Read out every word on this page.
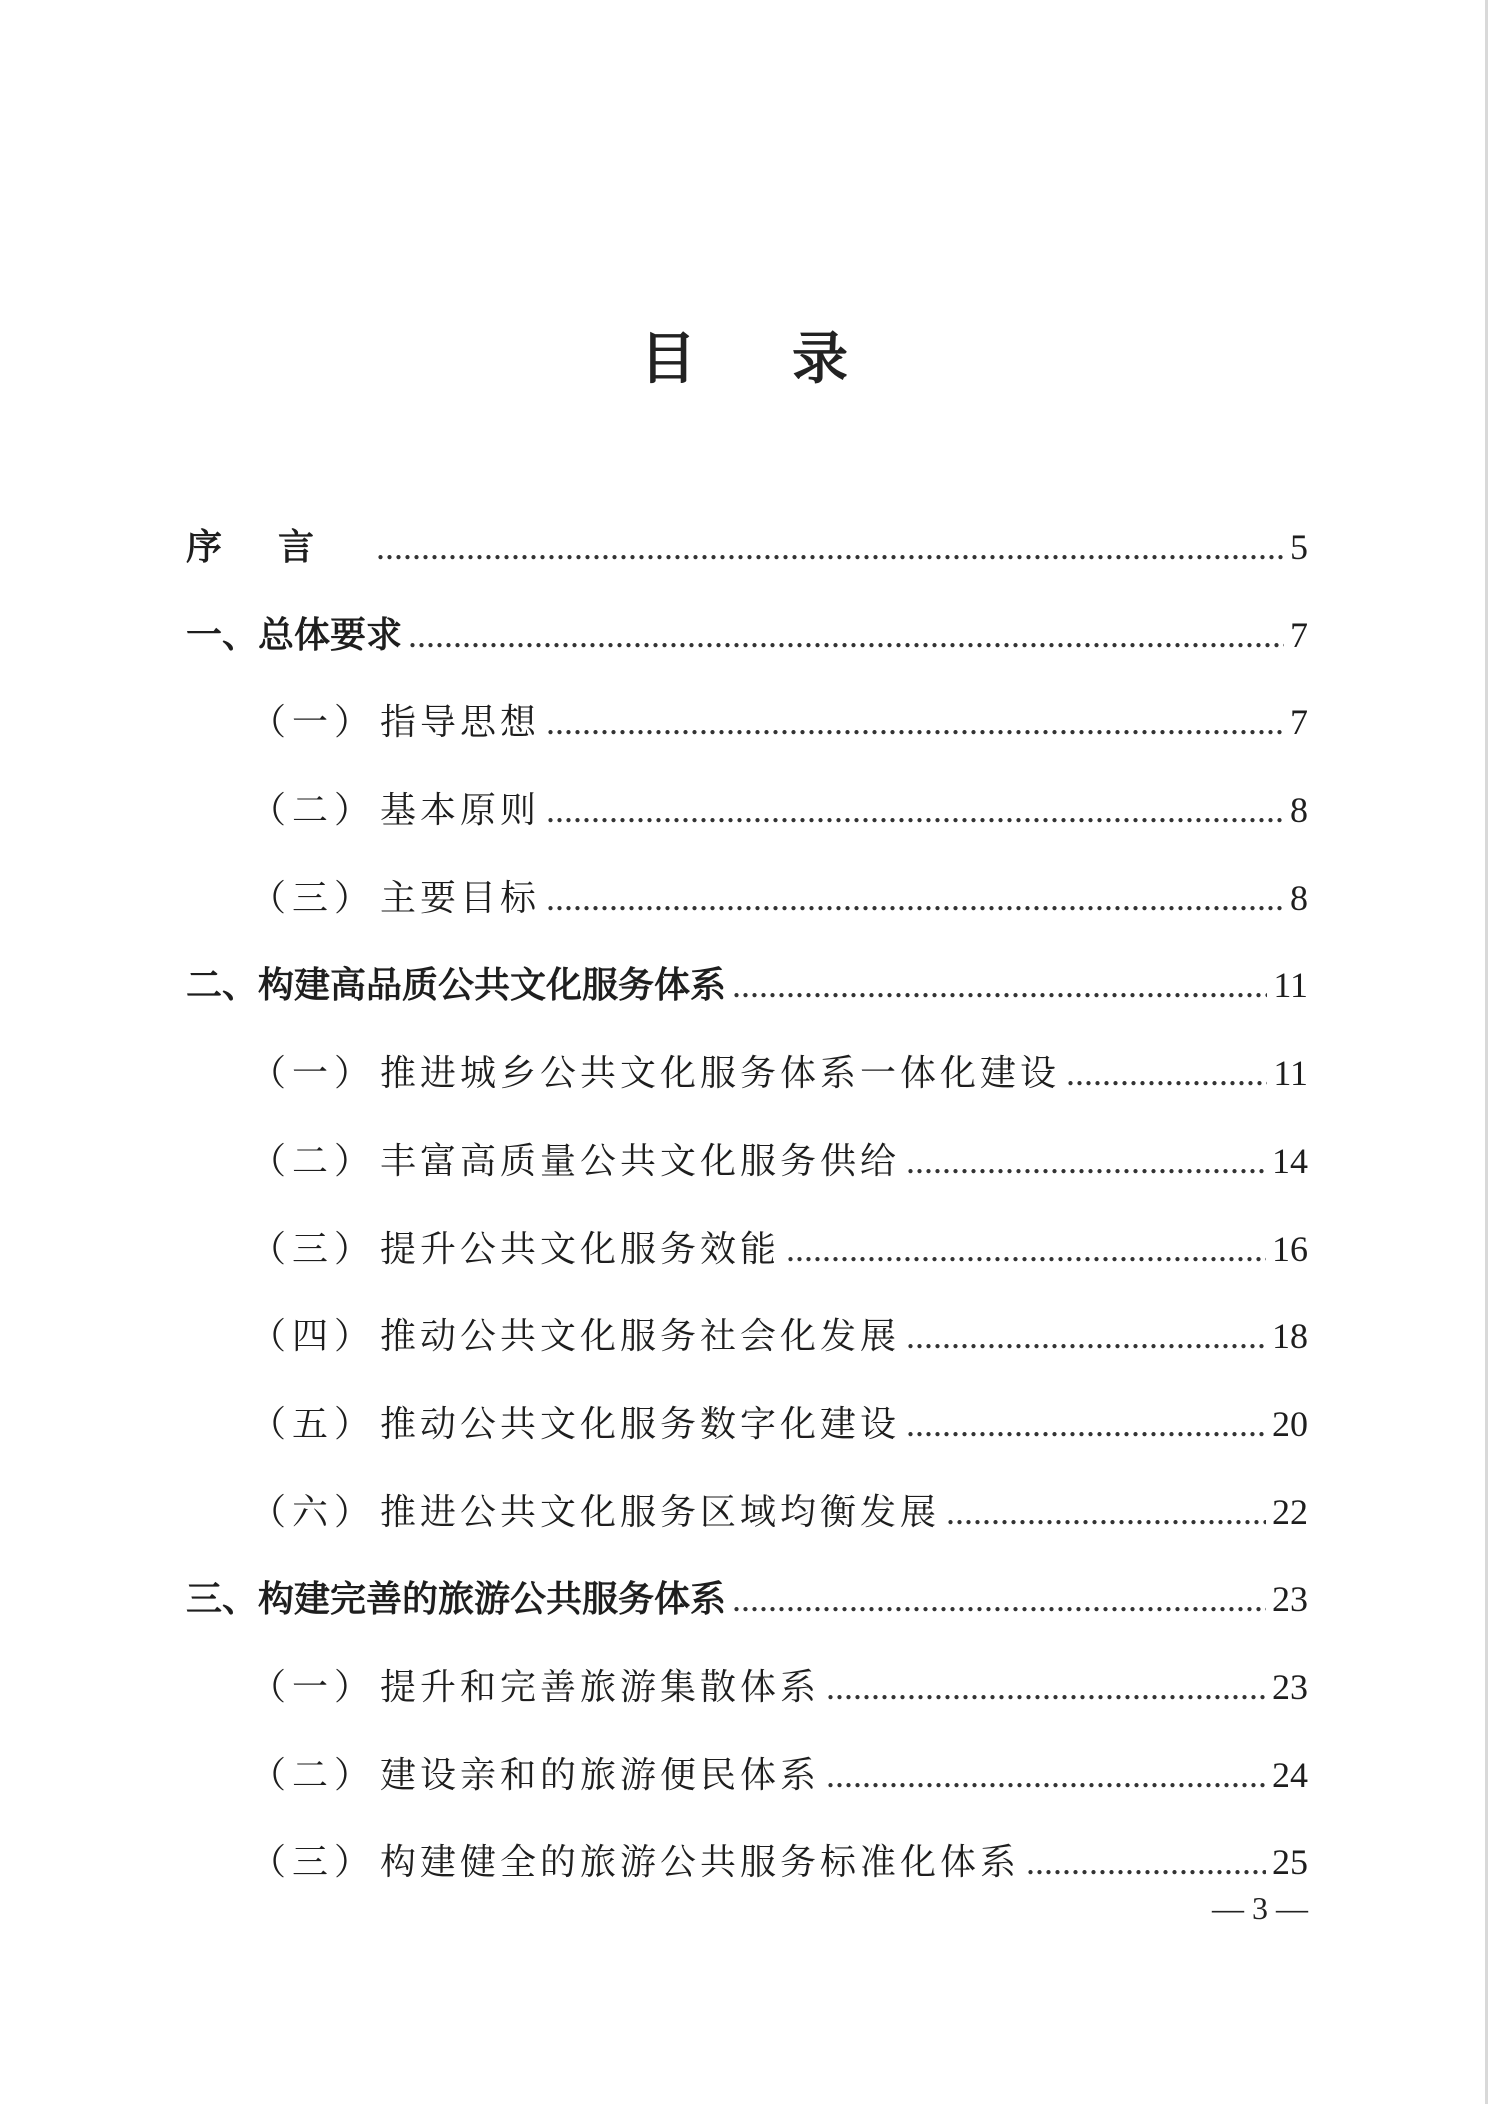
目录
序言 .....	5
一、总体要求 .....	7
（一） 指导思想 .....	7
（二） 基本原则 .....	8
（三） 主要目标 .....	8
二、构建高品质公共文化服务体系 .....	11
（一） 推进城乡公共文化服务体系一体化建设 .....	11
（二） 丰富高质量公共文化服务供给 .....	14
（三） 提升公共文化服务效能 .....	16
（四） 推动公共文化服务社会化发展 .....	18
（五） 推动公共文化服务数字化建设 .....	20
（六） 推进公共文化服务区域均衡发展 .....	22
三、构建完善的旅游公共服务体系 .....	23
（一） 提升和完善旅游集散体系 .....	23
（二） 建设亲和的旅游便民体系 .....	24
（三） 构建健全的旅游公共服务标准化体系 .....	25
— 3 —
